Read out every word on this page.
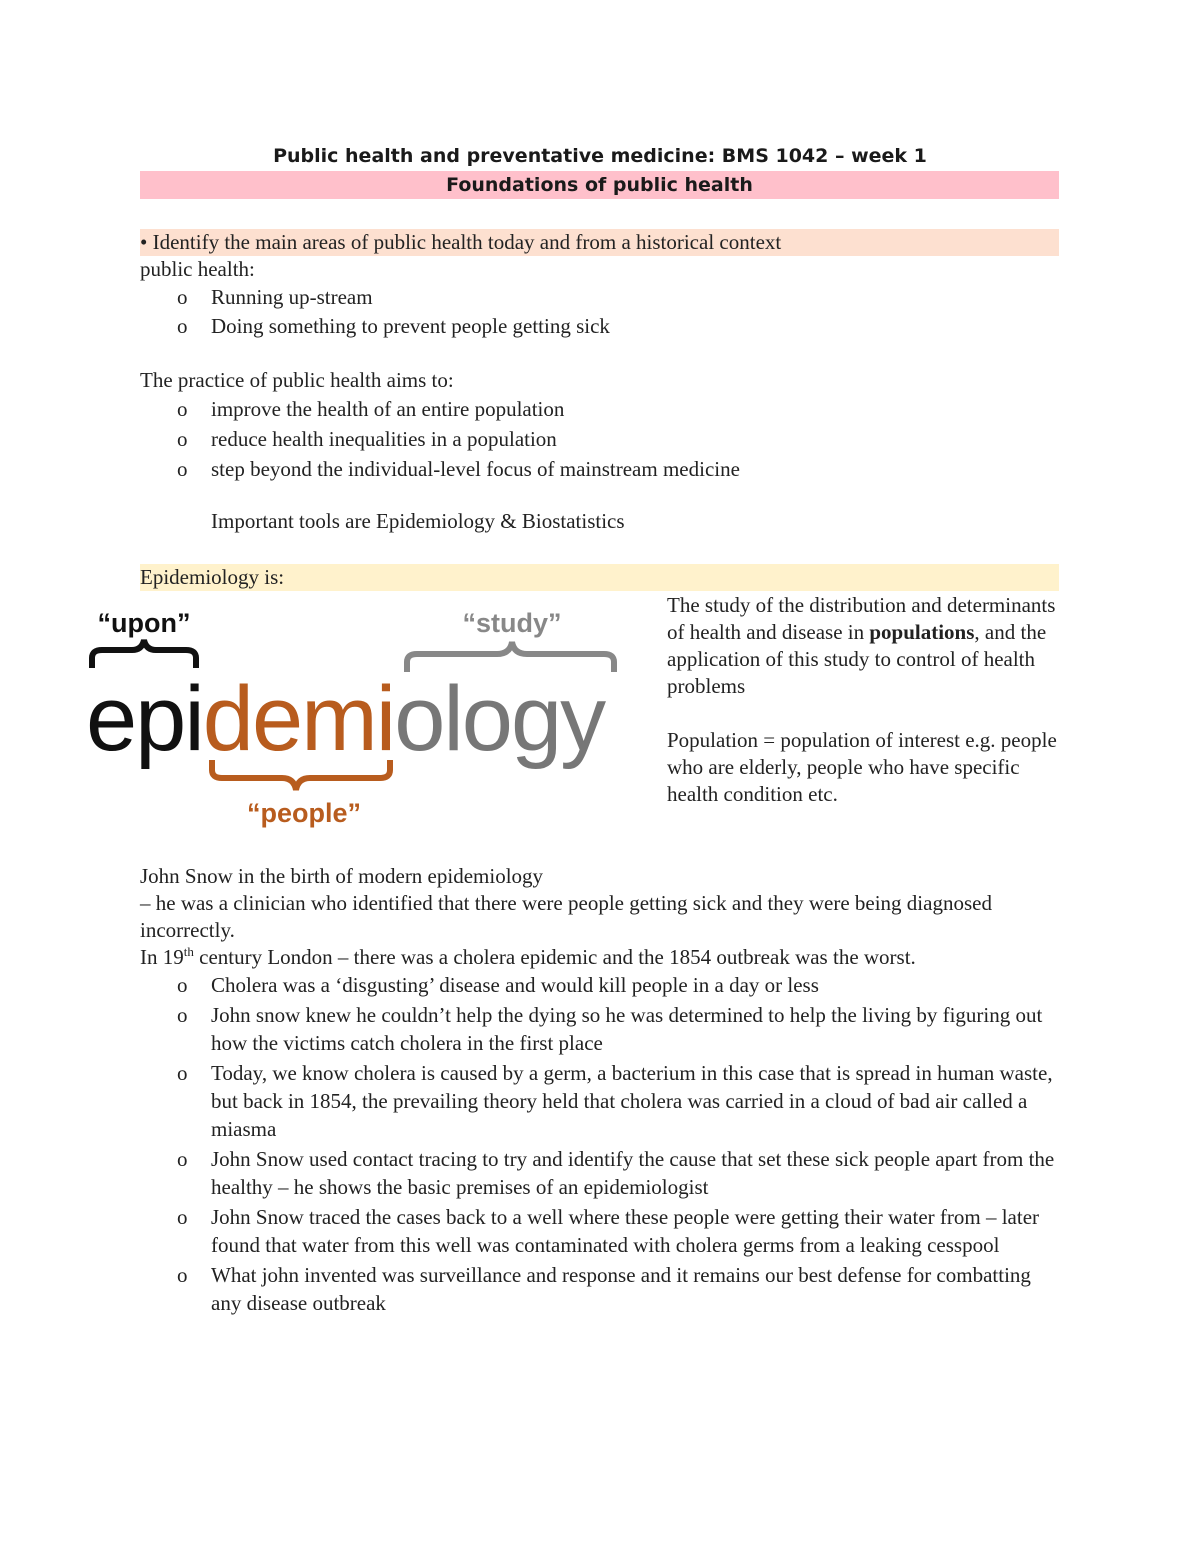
Public health and preventative medicine: BMS 1042 – week 1
Foundations of public health
• Identify the main areas of public health today and from a historical context
public health:
o Running up-stream
o Doing something to prevent people getting sick
The practice of public health aims to:
o improve the health of an entire population
o reduce health inequalities in a population
o step beyond the individual-level focus of mainstream medicine
Important tools are Epidemiology & Biostatistics
Epidemiology is:
“upon”	“study”
epidemiology
“people”
The study of the distribution and determinants of health and disease in populations, and the application of this study to control of health problems
Population = population of interest e.g. people who are elderly, people who have specific health condition etc.
John Snow in the birth of modern epidemiology
– he was a clinician who identified that there were people getting sick and they were being diagnosed incorrectly.
In 19th century London – there was a cholera epidemic and the 1854 outbreak was the worst.
o Cholera was a ‘disgusting’ disease and would kill people in a day or less
o John snow knew he couldn’t help the dying so he was determined to help the living by figuring out how the victims catch cholera in the first place
o Today, we know cholera is caused by a germ, a bacterium in this case that is spread in human waste, but back in 1854, the prevailing theory held that cholera was carried in a cloud of bad air called a miasma
o John Snow used contact tracing to try and identify the cause that set these sick people apart from the healthy – he shows the basic premises of an epidemiologist
o John Snow traced the cases back to a well where these people were getting their water from – later found that water from this well was contaminated with cholera germs from a leaking cesspool
o What john invented was surveillance and response and it remains our best defense for combatting any disease outbreak
